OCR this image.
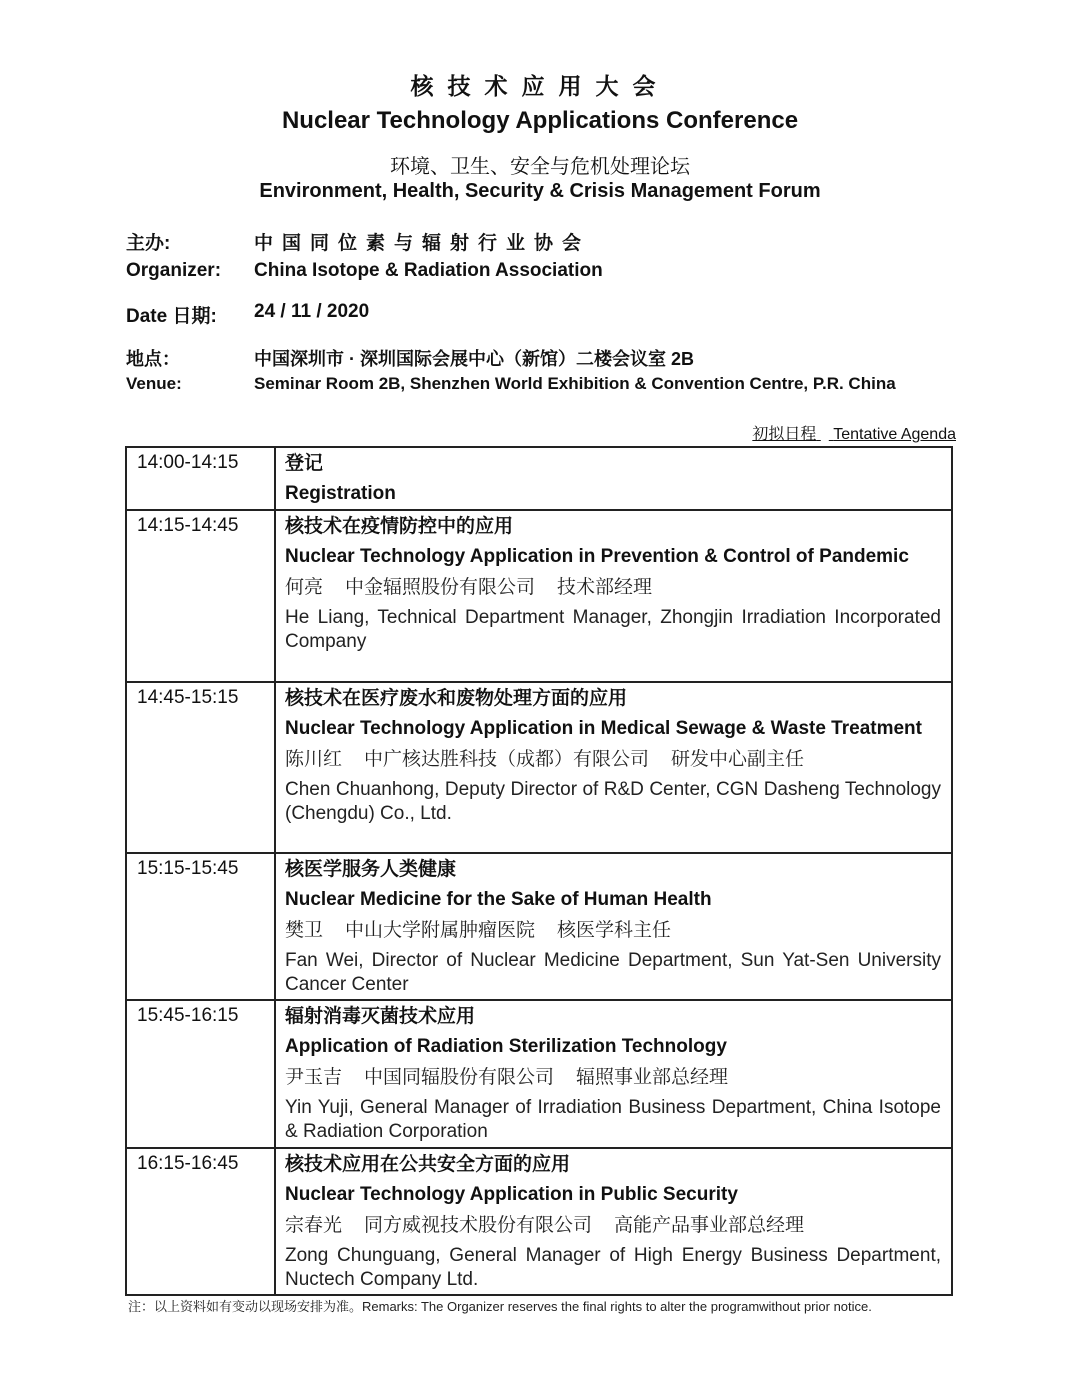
核技术应用大会
Nuclear Technology Applications Conference
环境、卫生、安全与危机处理论坛
Environment, Health, Security & Crisis Management Forum
主办:	中国同位素与辐射行业协会
Organizer: China Isotope & Radiation Association
Date 日期: 24 / 11 / 2020
地点：	中国深圳市 · 深圳国际会展中心（新馆）二楼会议室 2B
Venue:	Seminar Room 2B, Shenzhen World Exhibition & Convention Centre, P.R. China
初拟日程 Tentative Agenda
14:00-14:15	登记
Registration

14:15-14:45	核技术在疫情防控中的应用
Nuclear Technology Application in Prevention & Control of Pandemic
何亮 中金辐照股份有限公司 技术部经理
He Liang, Technical Department Manager, Zhongjin Irradiation Incorporated Company

14:45-15:15	核技术在医疗废水和废物处理方面的应用
Nuclear Technology Application in Medical Sewage & Waste Treatment
陈川红 中广核达胜科技（成都）有限公司 研发中心副主任
Chen Chuanhong, Deputy Director of R&D Center, CGN Dasheng Technology (Chengdu) Co., Ltd.

15:15-15:45	核医学服务人类健康
Nuclear Medicine for the Sake of Human Health
樊卫 中山大学附属肿瘤医院 核医学科主任
Fan Wei, Director of Nuclear Medicine Department, Sun Yat-Sen University Cancer Center

15:45-16:15	辐射消毒灭菌技术应用
Application of Radiation Sterilization Technology
尹玉吉 中国同辐股份有限公司 辐照事业部总经理
Yin Yuji, General Manager of Irradiation Business Department, China Isotope & Radiation Corporation

16:15-16:45	核技术应用在公共安全方面的应用
Nuclear Technology Application in Public Security
宗春光 同方威视技术股份有限公司 高能产品事业部总经理
Zong Chunguang, General Manager of High Energy Business Department, Nuctech Company Ltd.
注：以上资料如有变动以现场安排为准。Remarks: The Organizer reserves the final rights to alter the programwithout prior notice.
